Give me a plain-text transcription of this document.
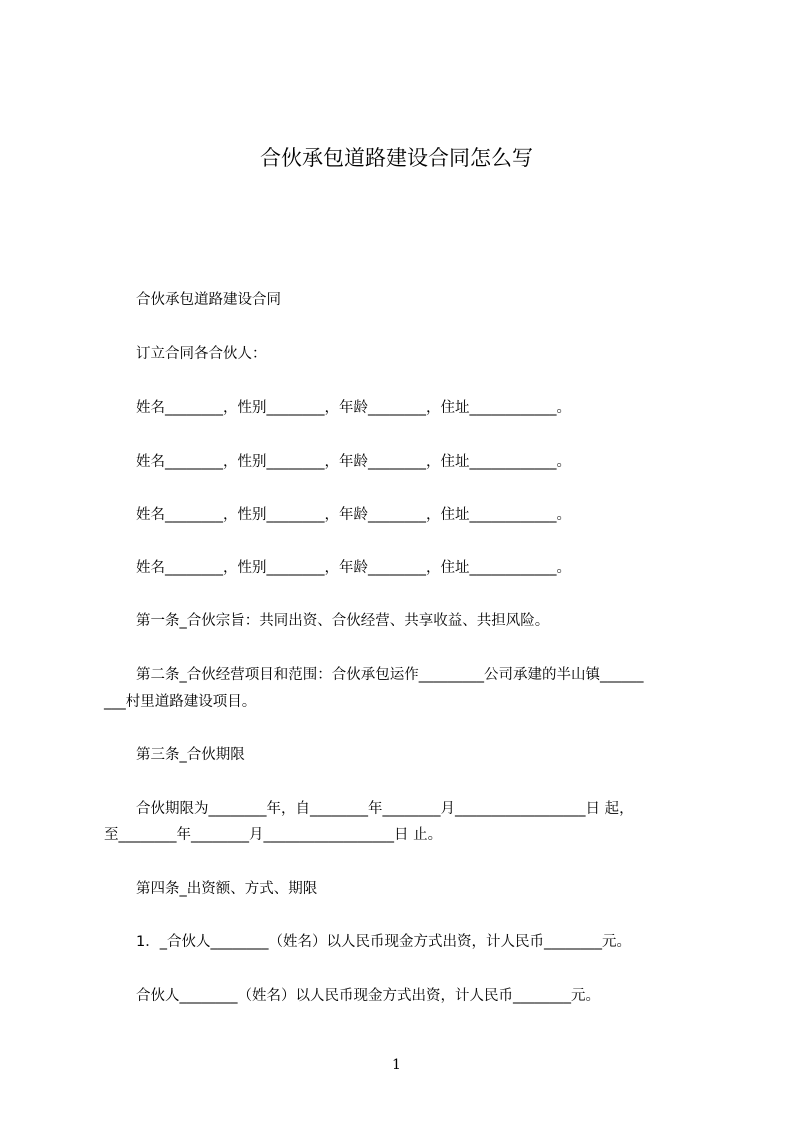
合伙承包道路建设合同怎么写
合伙承包道路建设合同
订立合同各合伙人：
姓名________，性别________，年龄________，住址____________。
姓名________，性别________，年龄________，住址____________。
姓名________，性别________，年龄________，住址____________。
姓名________，性别________，年龄________，住址____________。
第一条_合伙宗旨：共同出资、合伙经营、共享收益、共担风险。
第二条_合伙经营项目和范围：合伙承包运作_________公司承建的半山镇______
___村里道路建设项目。
第三条_合伙期限
合伙期限为________年，自________年________月__________________日 起，
至________年________月__________________日 止。
第四条_出资额、方式、期限
1．_合伙人________（姓名）以人民币现金方式出资，计人民币________元。
合伙人________（姓名）以人民币现金方式出资，计人民币________元。
1
